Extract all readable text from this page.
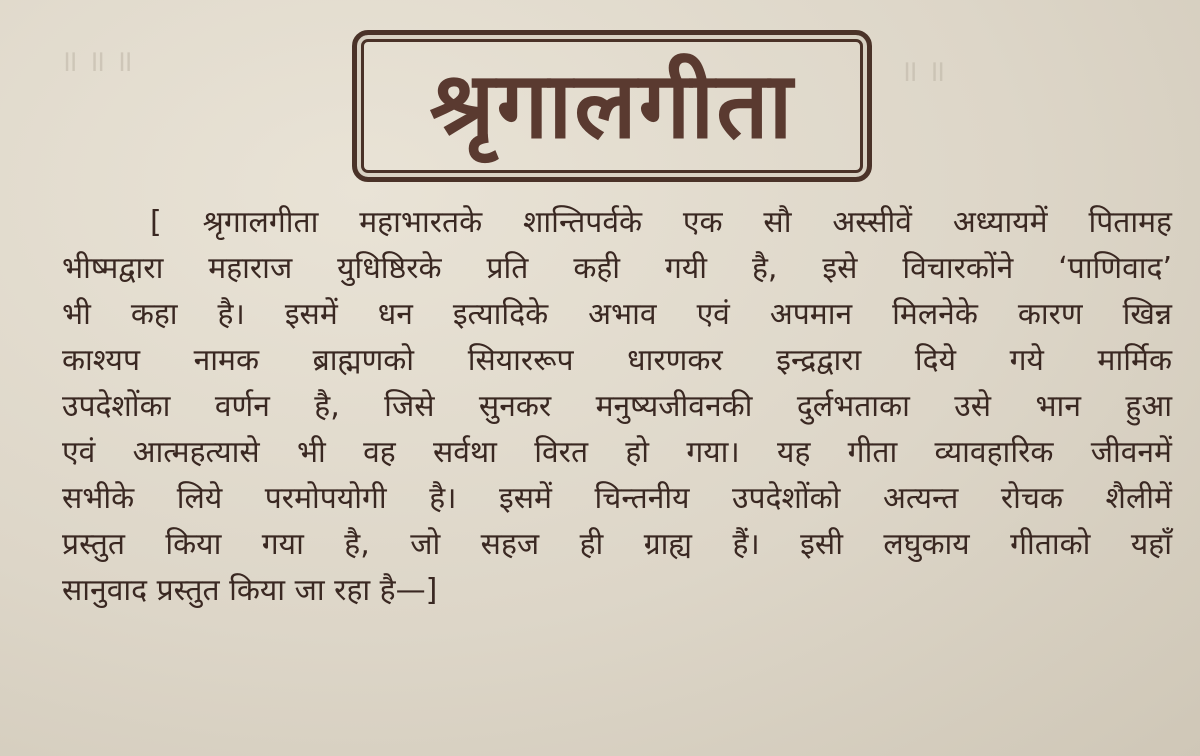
॥ ॥ ॥	॥ ॥
श्रृगालगीता
[ श्रृगालगीता महाभारतके शान्तिपर्वके एक सौ अस्सीवें अध्यायमें पितामह
भीष्मद्वारा महाराज युधिष्ठिरके प्रति कही गयी है, इसे विचारकोंने ‘पाणिवाद’
भी कहा है। इसमें धन इत्यादिके अभाव एवं अपमान मिलनेके कारण खिन्न
काश्यप नामक ब्राह्मणको सियाररूप धारणकर इन्द्रद्वारा दिये गये मार्मिक
उपदेशोंका वर्णन है, जिसे सुनकर मनुष्यजीवनकी दुर्लभताका उसे भान हुआ
एवं आत्महत्यासे भी वह सर्वथा विरत हो गया। यह गीता व्यावहारिक जीवनमें
सभीके लिये परमोपयोगी है। इसमें चिन्तनीय उपदेशोंको अत्यन्त रोचक शैलीमें
प्रस्तुत किया गया है, जो सहज ही ग्राह्य हैं। इसी लघुकाय गीताको यहाँ
सानुवाद प्रस्तुत किया जा रहा है—]
